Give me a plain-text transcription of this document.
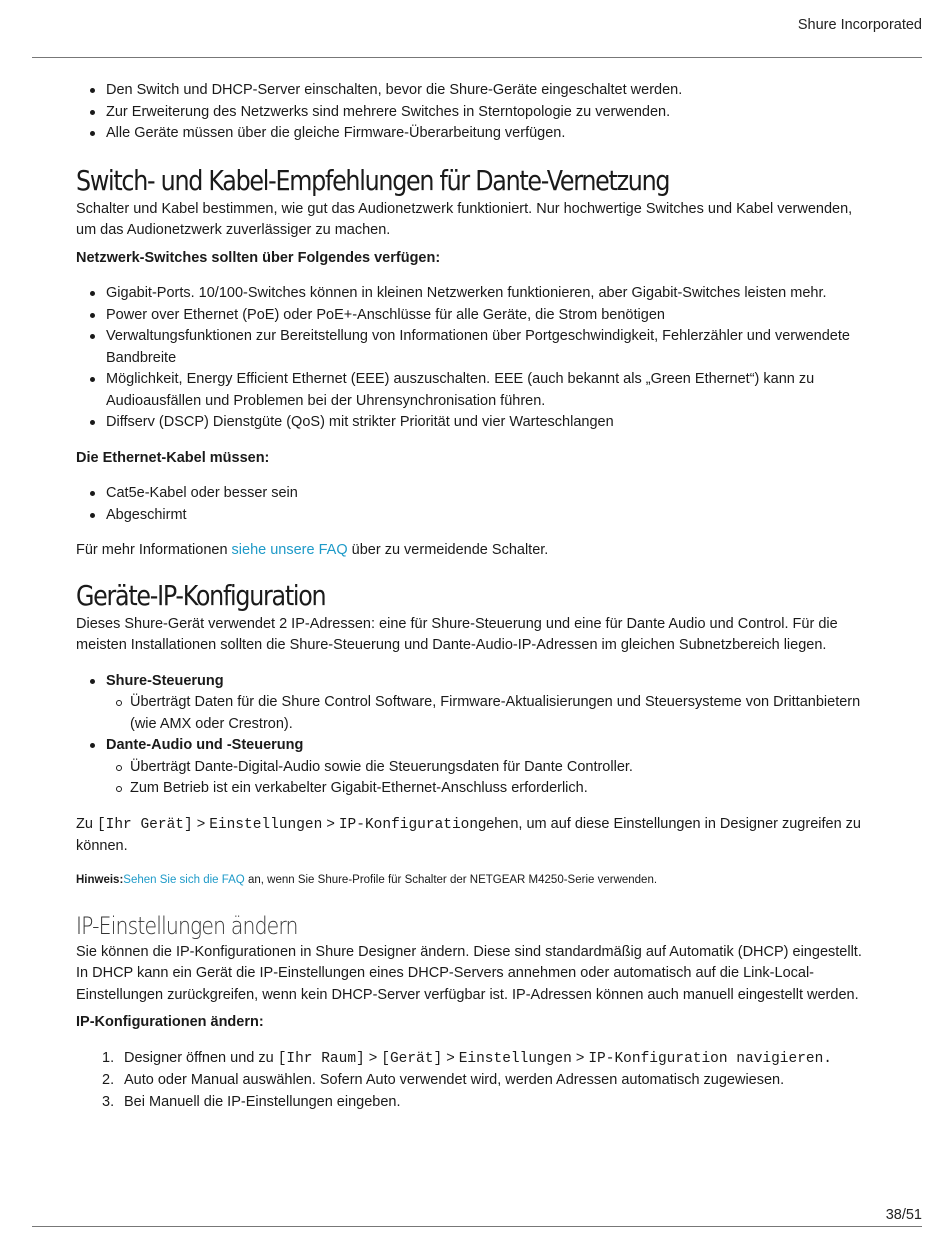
Shure Incorporated
Den Switch und DHCP-Server einschalten, bevor die Shure-Geräte eingeschaltet werden.
Zur Erweiterung des Netzwerks sind mehrere Switches in Sterntopologie zu verwenden.
Alle Geräte müssen über die gleiche Firmware-Überarbeitung verfügen.
Switch- und Kabel-Empfehlungen für Dante-Vernetzung

Schalter und Kabel bestimmen, wie gut das Audionetzwerk funktioniert. Nur hochwertige Switches und Kabel verwenden, um das Audionetzwerk zuverlässiger zu machen.

Netzwerk-Switches sollten über Folgendes verfügen:

Gigabit-Ports. 10/100-Switches können in kleinen Netzwerken funktionieren, aber Gigabit-Switches leisten mehr.
Power over Ethernet (PoE) oder PoE+-Anschlüsse für alle Geräte, die Strom benötigen
Verwaltungsfunktionen zur Bereitstellung von Informationen über Portgeschwindigkeit, Fehlerzähler und verwendete Bandbreite
Möglichkeit, Energy Efficient Ethernet (EEE) auszuschalten. EEE (auch bekannt als „Green Ethernet“) kann zu Audioausfällen und Problemen bei der Uhrensynchronisation führen.
Diffserv (DSCP) Dienstgüte (QoS) mit strikter Priorität und vier Warteschlangen

Die Ethernet-Kabel müssen:

Cat5e-Kabel oder besser sein
Abgeschirmt

Für mehr Informationen siehe unsere FAQ über zu vermeidende Schalter.

Geräte-IP-Konfiguration

Dieses Shure-Gerät verwendet 2 IP-Adressen: eine für Shure-Steuerung und eine für Dante Audio und Control. Für die meisten Installationen sollten die Shure-Steuerung und Dante-Audio-IP-Adressen im gleichen Subnetzbereich liegen.

Shure-Steuerung
Überträgt Daten für die Shure Control Software, Firmware-Aktualisierungen und Steuersysteme von Drittanbietern (wie AMX oder Crestron).
Dante-Audio und -Steuerung
Überträgt Dante-Digital-Audio sowie die Steuerungsdaten für Dante Controller.
Zum Betrieb ist ein verkabelter Gigabit-Ethernet-Anschluss erforderlich.

Zu [Ihr Gerät] > Einstellungen > IP-Konfigurationgehen, um auf diese Einstellungen in Designer zugreifen zu können.

Hinweis:Sehen Sie sich die FAQ an, wenn Sie Shure-Profile für Schalter der NETGEAR M4250-Serie verwenden.

IP-Einstellungen ändern

Sie können die IP-Konfigurationen in Shure Designer ändern. Diese sind standardmäßig auf Automatik (DHCP) eingestellt. In DHCP kann ein Gerät die IP-Einstellungen eines DHCP-Servers annehmen oder automatisch auf die Link-Local-Einstellungen zurückgreifen, wenn kein DHCP-Server verfügbar ist. IP-Adressen können auch manuell eingestellt werden.

IP-Konfigurationen ändern:

Designer öffnen und zu [Ihr Raum] > [Gerät] > Einstellungen > IP-Konfiguration navigieren.
Auto oder Manual auswählen. Sofern Auto verwendet wird, werden Adressen automatisch zugewiesen.
Bei Manuell die IP-Einstellungen eingeben.
38/51
